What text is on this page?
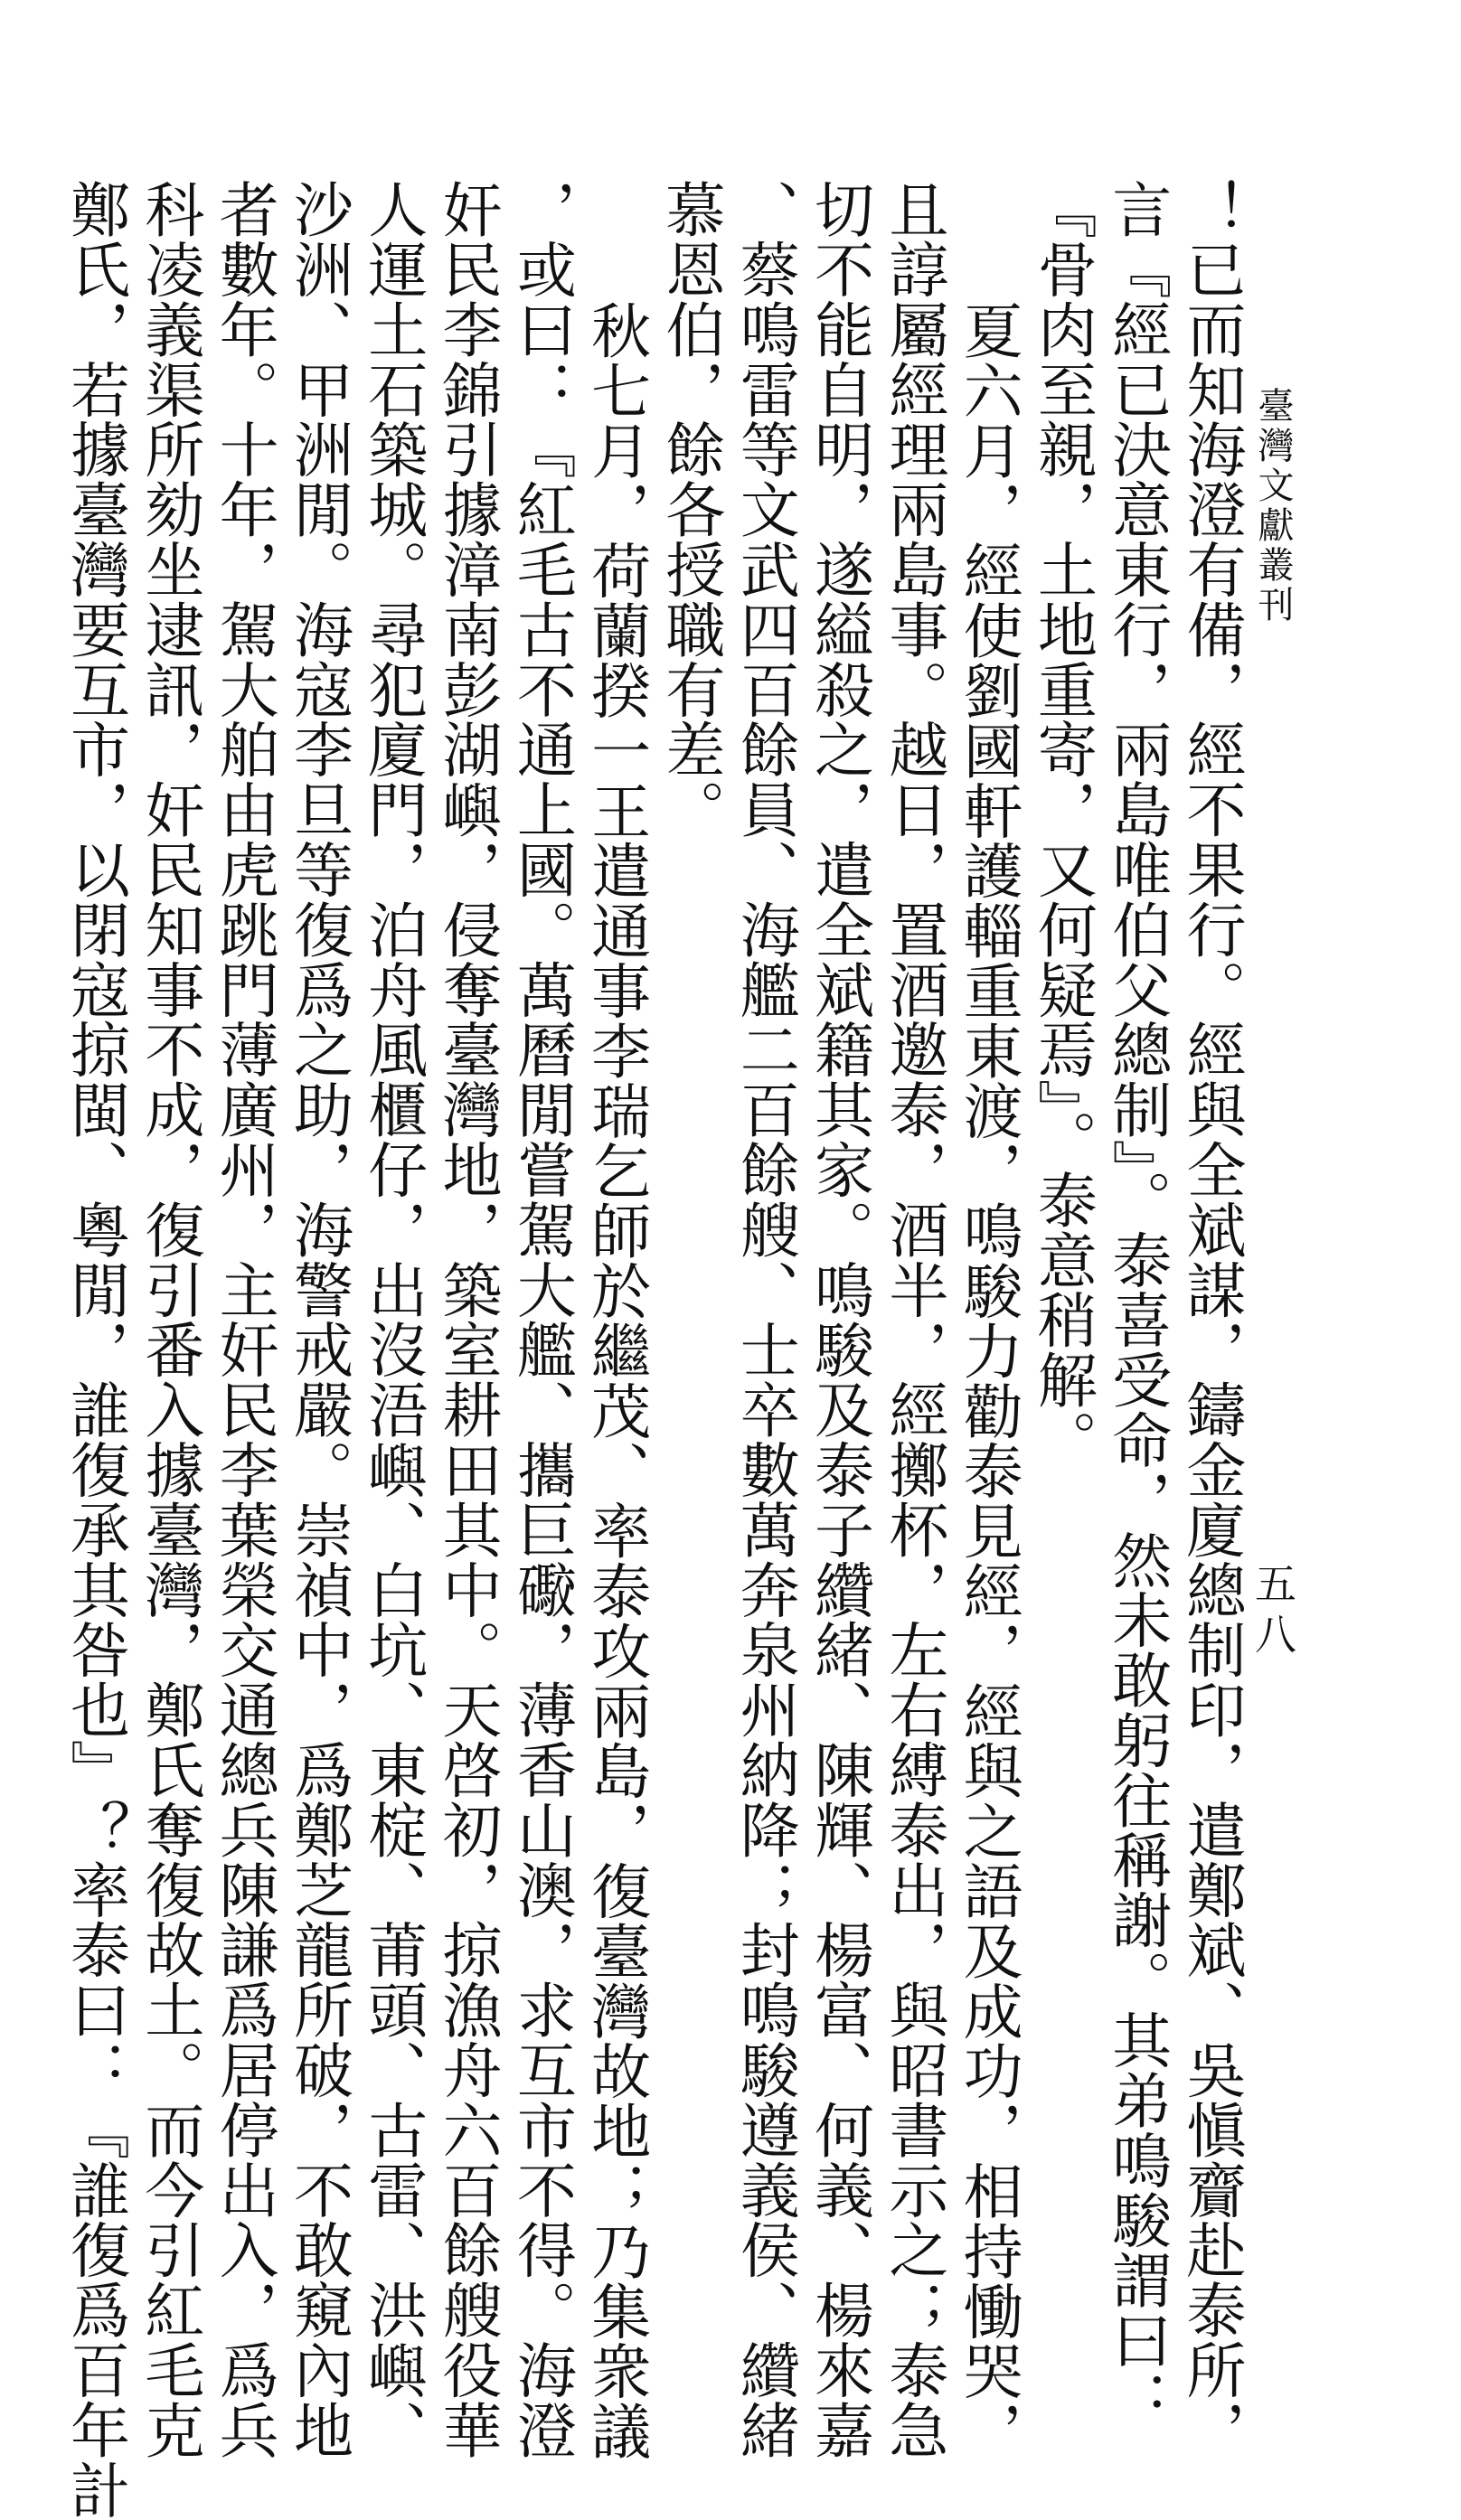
臺灣文獻叢刊
五八

！已而知海澄有備，經不果行。經與全斌謀，鑄金廈總制印，遣鄭斌、吳愼齎赴泰所，

言『經已決意東行，兩島唯伯父總制』。泰喜受命，然未敢躬往稱謝。其弟鳴駿謂曰：

『骨肉至親，土地重寄，又何疑焉』。泰意稍解。

夏六月，經使劉國軒護輜重東渡，鳴駿力勸泰見經，經與之語及成功，相持慟哭，

且諄屬經理兩島事。越日，置酒邀泰，酒半，經擲杯，左右縛泰出，與昭書示之；泰急

切不能自明，遂縊殺之，遣全斌籍其家。鳴駿及泰子纘緒、陳輝、楊富、何義、楊來嘉

、蔡鳴雷等文武四百餘員、海艦二百餘艘、士卒數萬奔泉州納降；封鳴駿遵義侯、纘緒

慕恩伯，餘各授職有差。

秋七月，荷蘭揆一王遣通事李瑞乞師於繼茂、率泰攻兩島，復臺灣故地；乃集衆議

，或曰：『紅毛古不通上國。萬曆閒嘗駕大艦、攜巨礮，薄香山澳，求互市不得。海澄

奸民李錦引據漳南彭湖嶼，侵奪臺灣地，築室耕田其中。天啓初，掠漁舟六百餘艘役華

人運土石築城。尋犯廈門，泊舟風櫃仔，出沒浯嶼、白坑、東椗、莆頭、古雷、洪嶼、

沙洲、甲洲閒。海寇李旦等復爲之助，海警戒嚴。崇禎中，爲鄭芝龍所破，不敢窺內地

者數年。十年，駕大舶由虎跳門薄廣州，主奸民李葉榮交通總兵陳謙爲居停出入，爲兵

科凌義渠所劾坐逮訊，奸民知事不成，復引番入據臺灣，鄭氏奪復故土。而今引紅毛克

鄭氏，若據臺灣要互市，以閉寇掠閩、粵閒，誰復承其咎也』？率泰曰：『誰復爲百年計
